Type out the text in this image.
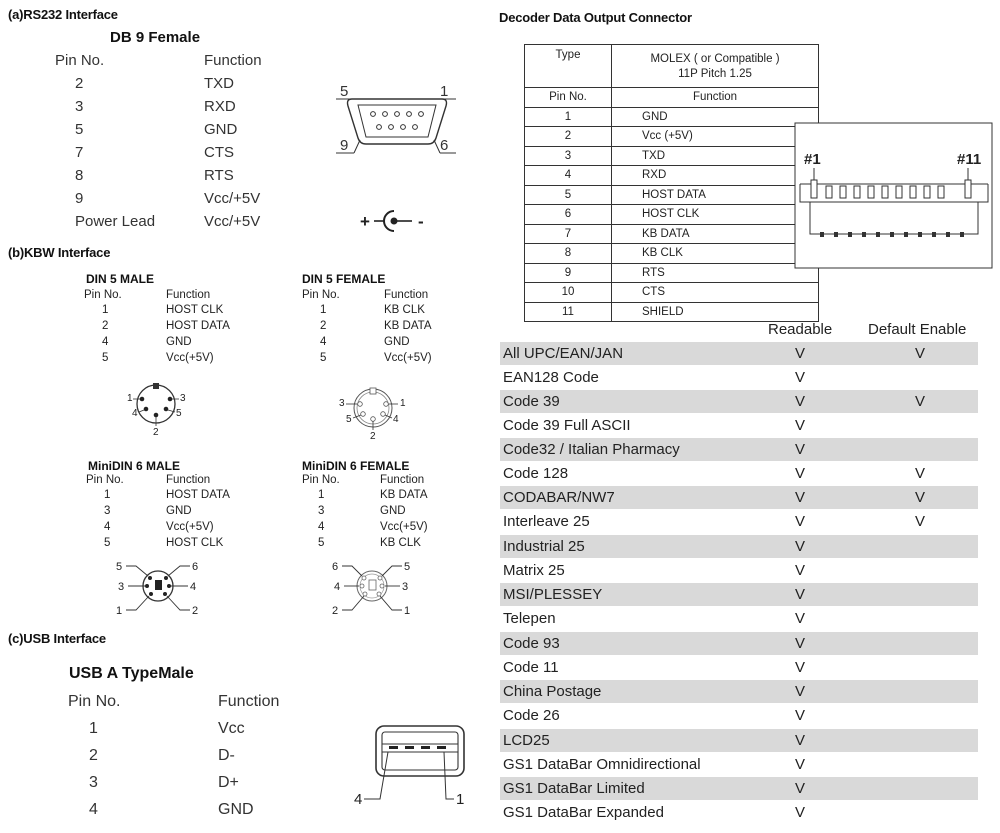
(a)RS232 Interface
DB 9 Female
Pin No.	Function
2	TXD
3	RXD
5	GND
7	CTS
8	RTS
9	Vcc/+5V
Power Lead	Vcc/+5V
5	1
9	6
+	-
(b)KBW Interface
DIN 5 MALE
Pin No.	Function
1	HOST CLK
2	HOST DATA
4	GND
5	Vcc(+5V)
1	3
4	5
2
DIN 5 FEMALE
Pin No.	Function
1	KB CLK
2	KB DATA
4	GND
5	Vcc(+5V)
3	1
5	4
2
MiniDIN 6 MALE
Pin No.	Function
1	HOST DATA
3	GND
4	Vcc(+5V)
5	HOST CLK
5	6
3	4
1	2
MiniDIN 6 FEMALE
Pin No.	Function
1	KB DATA
3	GND
4	Vcc(+5V)
5	KB CLK
6	5
4	3
2	1
(c)USB Interface
USB A TypeMale
Pin No.	Function
1	Vcc
2	D-
3	D+
4	GND
4	1
Decoder Data Output Connector
Type	MOLEX ( or Compatible )
11P Pitch 1.25

Pin No.	Function
1	GND
2	Vcc (+5V)
3	TXD
4	RXD
5	HOST DATA
6	HOST CLK
7	KB DATA
8	KB CLK
9	RTS
10	CTS
11	SHIELD
#1	#11
Readable Default Enable
All UPC/EAN/JAN	V	V
EAN128 Code	V
Code 39	V	V
Code 39 Full ASCII	V
Code32 / Italian Pharmacy	V
Code 128	V	V
CODABAR/NW7	V	V
Interleave 25	V	V
Industrial 25	V
Matrix 25	V
MSI/PLESSEY	V
Telepen	V
Code 93	V
Code 11	V
China Postage	V
Code 26	V
LCD25	V
GS1 DataBar Omnidirectional	V
GS1 DataBar Limited	V
GS1 DataBar Expanded	V
